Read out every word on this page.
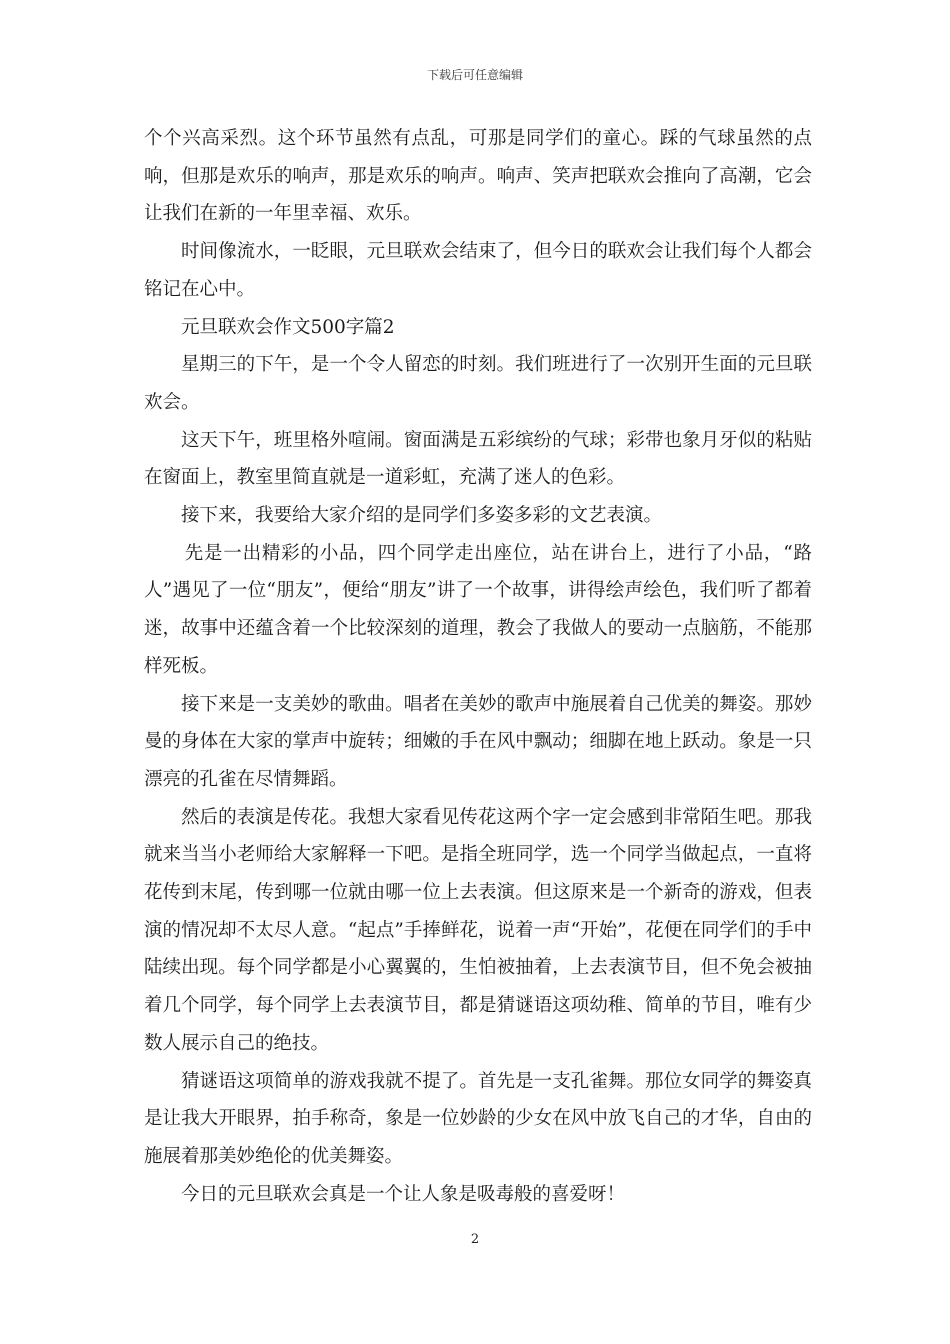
下载后可任意编辑

个个兴高采烈。这个环节虽然有点乱，可那是同学们的童心。踩的气球虽然的点响，但那是欢乐的响声，那是欢乐的响声。响声、笑声把联欢会推向了高潮，它会让我们在新的一年里幸福、欢乐。

时间像流水，一眨眼，元旦联欢会结束了，但今日的联欢会让我们每个人都会铭记在心中。

元旦联欢会作文500字篇2

星期三的下午，是一个令人留恋的时刻。我们班进行了一次别开生面的元旦联欢会。

这天下午，班里格外喧闹。窗面满是五彩缤纷的气球；彩带也象月牙似的粘贴在窗面上，教室里简直就是一道彩虹，充满了迷人的色彩。

接下来，我要给大家介绍的是同学们多姿多彩的文艺表演。

先是一出精彩的小品，四个同学走出座位，站在讲台上，进行了小品，“路人”遇见了一位“朋友”，便给“朋友”讲了一个故事，讲得绘声绘色，我们听了都着迷，故事中还蕴含着一个比较深刻的道理，教会了我做人的要动一点脑筋，不能那样死板。

接下来是一支美妙的歌曲。唱者在美妙的歌声中施展着自己优美的舞姿。那妙曼的身体在大家的掌声中旋转；细嫩的手在风中飘动；细脚在地上跃动。象是一只漂亮的孔雀在尽情舞蹈。

然后的表演是传花。我想大家看见传花这两个字一定会感到非常陌生吧。那我就来当当小老师给大家解释一下吧。是指全班同学，选一个同学当做起点，一直将花传到末尾，传到哪一位就由哪一位上去表演。但这原来是一个新奇的游戏，但表演的情况却不太尽人意。“起点”手捧鲜花，说着一声“开始”，花便在同学们的手中陆续出现。每个同学都是小心翼翼的，生怕被抽着，上去表演节目，但不免会被抽着几个同学，每个同学上去表演节目，都是猜谜语这项幼稚、简单的节目，唯有少数人展示自己的绝技。

猜谜语这项简单的游戏我就不提了。首先是一支孔雀舞。那位女同学的舞姿真是让我大开眼界，拍手称奇，象是一位妙龄的少女在风中放飞自己的才华，自由的施展着那美妙绝伦的优美舞姿。

今日的元旦联欢会真是一个让人象是吸毒般的喜爱呀！

2
